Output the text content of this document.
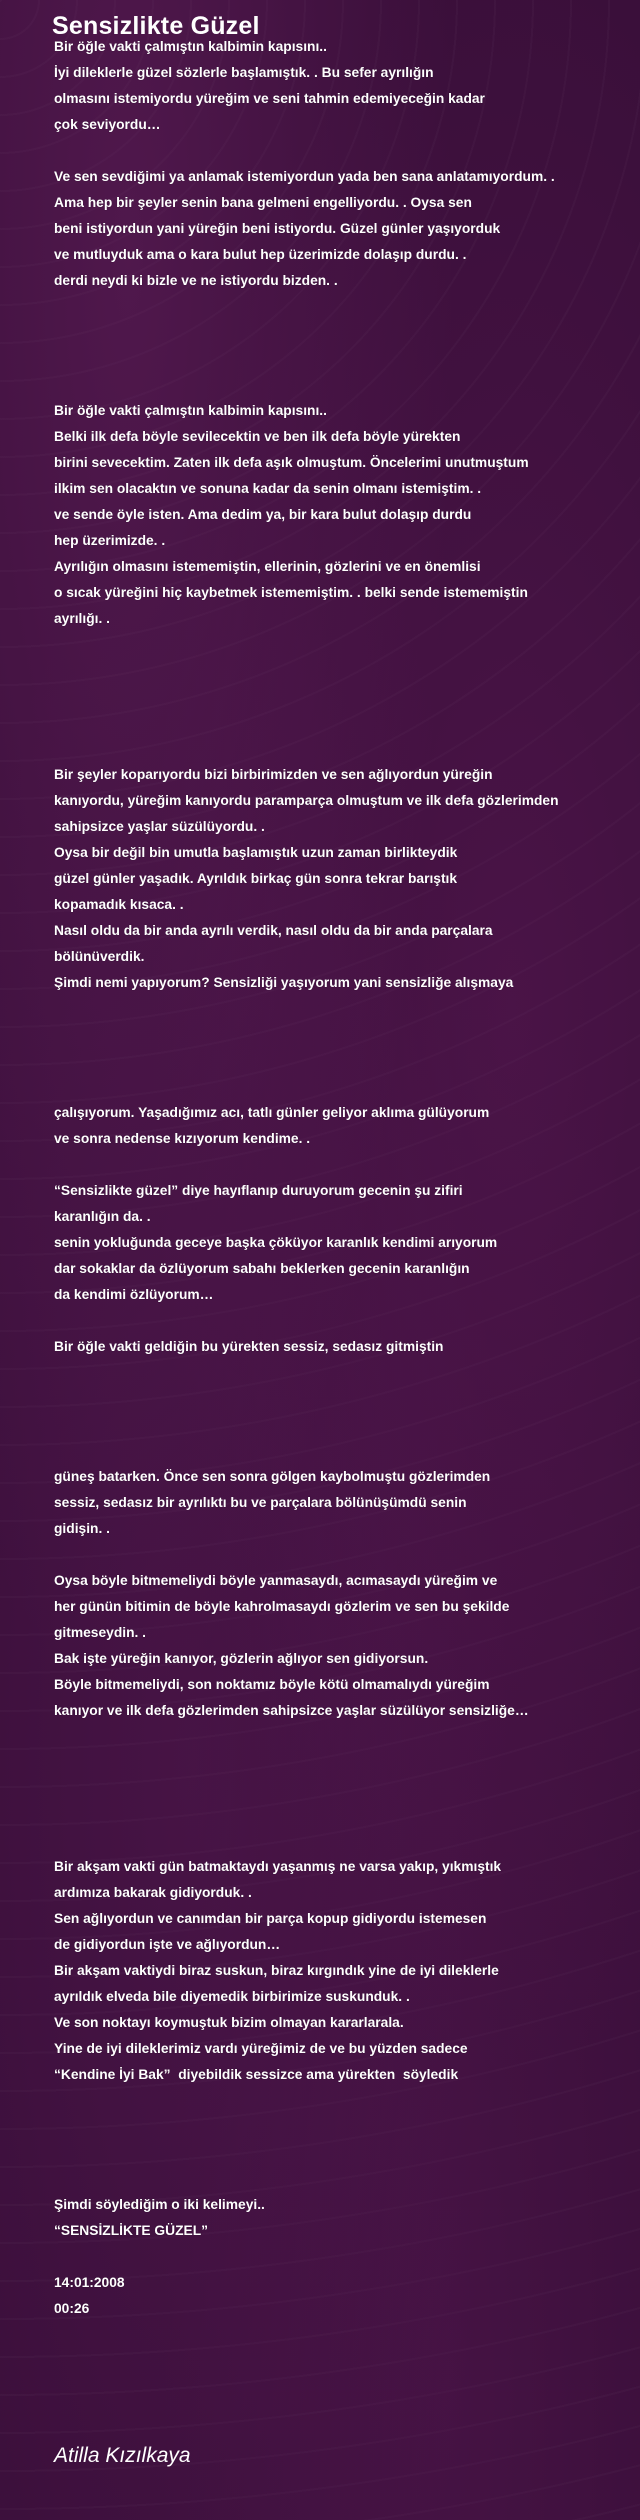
Sensizlikte Güzel
Bir öğle vakti çalmıştın kalbimin kapısını..
İyi dileklerle güzel sözlerle başlamıştık. . Bu sefer ayrılığın
olmasını istemiyordu yüreğim ve seni tahmin edemiyeceğin kadar
çok seviyordu…

Ve sen sevdiğimi ya anlamak istemiyordun yada ben sana anlatamıyordum. .
Ama hep bir şeyler senin bana gelmeni engelliyordu. . Oysa sen
beni istiyordun yani yüreğin beni istiyordu. Güzel günler yaşıyorduk
ve mutluyduk ama o kara bulut hep üzerimizde dolaşıp durdu. .
derdi neydi ki bizle ve ne istiyordu bizden. .

Bir öğle vakti çalmıştın kalbimin kapısını..
Belki ilk defa böyle sevilecektin ve ben ilk defa böyle yürekten
birini sevecektim. Zaten ilk defa aşık olmuştum. Öncelerimi unutmuştum
ilkim sen olacaktın ve sonuna kadar da senin olmanı istemiştim. .
ve sende öyle isten. Ama dedim ya, bir kara bulut dolaşıp durdu
hep üzerimizde. .
Ayrılığın olmasını istememiştin, ellerinin, gözlerini ve en önemlisi
o sıcak yüreğini hiç kaybetmek istememiştim. . belki sende istememiştin
ayrılığı. .

Bir şeyler koparıyordu bizi birbirimizden ve sen ağlıyordun yüreğin
kanıyordu, yüreğim kanıyordu paramparça olmuştum ve ilk defa gözlerimden
sahipsizce yaşlar süzülüyordu. .
Oysa bir değil bin umutla başlamıştık uzun zaman birlikteydik
güzel günler yaşadık. Ayrıldık birkaç gün sonra tekrar barıştık
kopamadık kısaca. .
Nasıl oldu da bir anda ayrılı verdik, nasıl oldu da bir anda parçalara
bölünüverdik.
Şimdi nemi yapıyorum? Sensizliği yaşıyorum yani sensizliğe alışmaya

çalışıyorum. Yaşadığımız acı, tatlı günler geliyor aklıma gülüyorum
ve sonra nedense kızıyorum kendime. .

“Sensizlikte güzel” diye hayıflanıp duruyorum gecenin şu zifiri
karanlığın da. .
senin yokluğunda geceye başka çöküyor karanlık kendimi arıyorum
dar sokaklar da özlüyorum sabahı beklerken gecenin karanlığın
da kendimi özlüyorum…

Bir öğle vakti geldiğin bu yürekten sessiz, sedasız gitmiştin

güneş batarken. Önce sen sonra gölgen kaybolmuştu gözlerimden
sessiz, sedasız bir ayrılıktı bu ve parçalara bölünüşümdü senin
gidişin. .

Oysa böyle bitmemeliydi böyle yanmasaydı, acımasaydı yüreğim ve
her günün bitimin de böyle kahrolmasaydı gözlerim ve sen bu şekilde
gitmeseydin. .
Bak işte yüreğin kanıyor, gözlerin ağlıyor sen gidiyorsun.
Böyle bitmemeliydi, son noktamız böyle kötü olmamalıydı yüreğim
kanıyor ve ilk defa gözlerimden sahipsizce yaşlar süzülüyor sensizliğe…

Bir akşam vakti gün batmaktaydı yaşanmış ne varsa yakıp, yıkmıştık
ardımıza bakarak gidiyorduk. .
Sen ağlıyordun ve canımdan bir parça kopup gidiyordu istemesen
de gidiyordun işte ve ağlıyordun…
Bir akşam vaktiydi biraz suskun, biraz kırgındık yine de iyi dileklerle
ayrıldık elveda bile diyemedik birbirimize suskunduk. .
Ve son noktayı koymuştuk bizim olmayan kararlarala.
Yine de iyi dileklerimiz vardı yüreğimiz de ve bu yüzden sadece
“Kendine İyi Bak”  diyebildik sessizce ama yürekten  söyledik

Şimdi söylediğim o iki kelimeyi..
“SENSİZLİKTE GÜZEL”

14:01:2008
00:26
Atilla Kızılkaya
